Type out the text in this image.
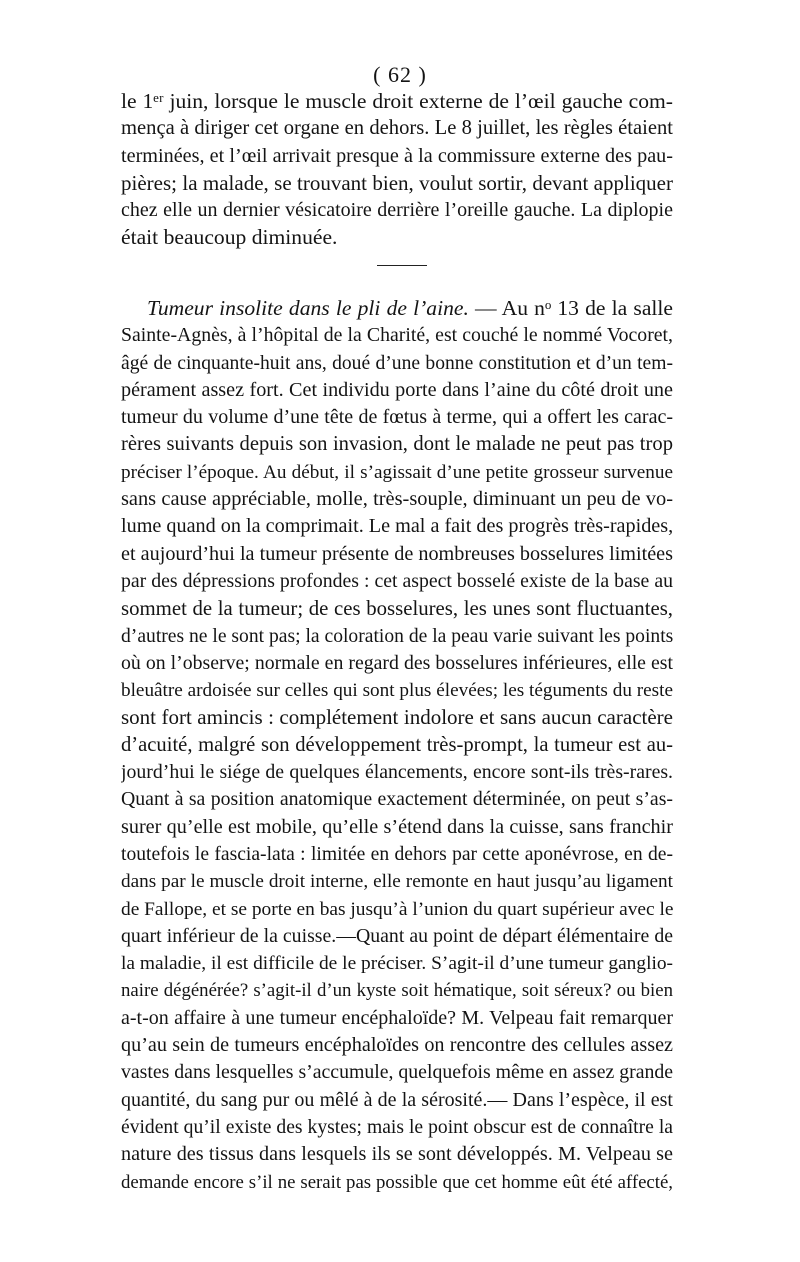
( 62 )
le 1ᵉʳ juin, lorsque le muscle droit externe de l’œil gauche com-
mença à diriger cet organe en dehors. Le 8 juillet, les règles étaient
terminées, et l’œil arrivait presque à la commissure externe des pau-
pières; la malade, se trouvant bien, voulut sortir, devant appliquer
chez elle un dernier vésicatoire derrière l’oreille gauche. La diplopie
était beaucoup diminuée.
Tumeur insolite dans le pli de l’aine. — Au nᵒ 13 de la salle
Sainte-Agnès, à l’hôpital de la Charité, est couché le nommé Vocoret,
âgé de cinquante-huit ans, doué d’une bonne constitution et d’un tem-
pérament assez fort. Cet individu porte dans l’aine du côté droit une
tumeur du volume d’une tête de fœtus à terme, qui a offert les carac-
rères suivants depuis son invasion, dont le malade ne peut pas trop
préciser l’époque. Au début, il s’agissait d’une petite grosseur survenue
sans cause appréciable, molle, très-souple, diminuant un peu de vo-
lume quand on la comprimait. Le mal a fait des progrès très-rapides,
et aujourd’hui la tumeur présente de nombreuses bosselures limitées
par des dépressions profondes : cet aspect bosselé existe de la base au
sommet de la tumeur; de ces bosselures, les unes sont fluctuantes,
d’autres ne le sont pas; la coloration de la peau varie suivant les points
où on l’observe; normale en regard des bosselures inférieures, elle est
bleuâtre ardoisée sur celles qui sont plus élevées; les téguments du reste
sont fort amincis : complétement indolore et sans aucun caractère
d’acuité, malgré son développement très-prompt, la tumeur est au-
jourd’hui le siége de quelques élancements, encore sont-ils très-rares.
Quant à sa position anatomique exactement déterminée, on peut s’as-
surer qu’elle est mobile, qu’elle s’étend dans la cuisse, sans franchir
toutefois le fascia-lata : limitée en dehors par cette aponévrose, en de-
dans par le muscle droit interne, elle remonte en haut jusqu’au ligament
de Fallope, et se porte en bas jusqu’à l’union du quart supérieur avec le
quart inférieur de la cuisse.—Quant au point de départ élémentaire de
la maladie, il est difficile de le préciser. S’agit-il d’une tumeur ganglio-
naire dégénérée? s’agit-il d’un kyste soit hématique, soit séreux? ou bien
a-t-on affaire à une tumeur encéphaloïde? M. Velpeau fait remarquer
qu’au sein de tumeurs encéphaloïdes on rencontre des cellules assez
vastes dans lesquelles s’accumule, quelquefois même en assez grande
quantité, du sang pur ou mêlé à de la sérosité.— Dans l’espèce, il est
évident qu’il existe des kystes; mais le point obscur est de connaître la
nature des tissus dans lesquels ils se sont développés. M. Velpeau se
demande encore s’il ne serait pas possible que cet homme eût été affecté,
